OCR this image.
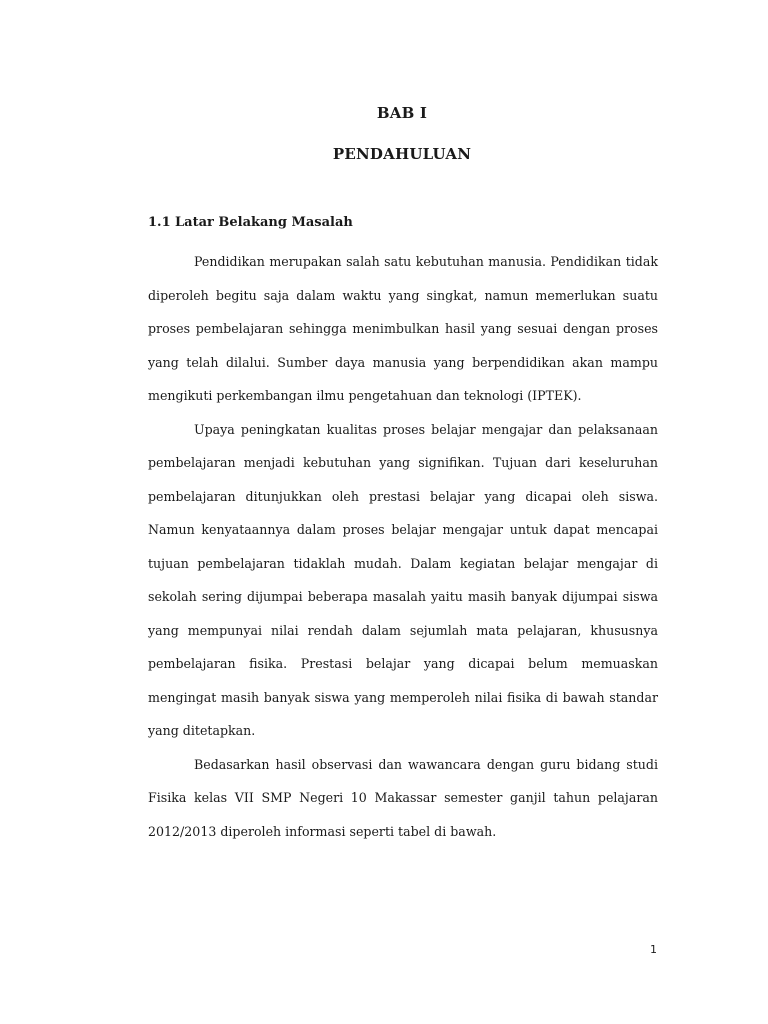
BAB I
PENDAHULUAN
1.1 Latar Belakang Masalah

Pendidikan merupakan salah satu kebutuhan manusia. Pendidikan tidak diperoleh begitu saja dalam waktu yang singkat, namun memerlukan suatu proses pembelajaran sehingga menimbulkan hasil yang sesuai dengan proses yang telah dilalui. Sumber daya manusia yang berpendidikan akan mampu mengikuti perkembangan ilmu pengetahuan dan teknologi (IPTEK).

Upaya peningkatan kualitas proses belajar mengajar dan pelaksanaan pembelajaran menjadi kebutuhan yang signifikan. Tujuan dari keseluruhan pembelajaran ditunjukkan oleh prestasi belajar yang dicapai oleh siswa. Namun kenyataannya dalam proses belajar mengajar untuk dapat mencapai tujuan pembelajaran tidaklah mudah. Dalam kegiatan belajar mengajar di sekolah sering dijumpai beberapa masalah yaitu masih banyak dijumpai siswa yang mempunyai nilai rendah dalam sejumlah mata pelajaran, khususnya pembelajaran fisika. Prestasi belajar yang dicapai belum memuaskan mengingat masih banyak siswa yang memperoleh nilai fisika di bawah standar yang ditetapkan.

Bedasarkan hasil observasi dan wawancara dengan guru bidang studi Fisika kelas VII SMP Negeri 10 Makassar semester ganjil tahun pelajaran 2012/2013 diperoleh informasi seperti tabel di bawah.

1
